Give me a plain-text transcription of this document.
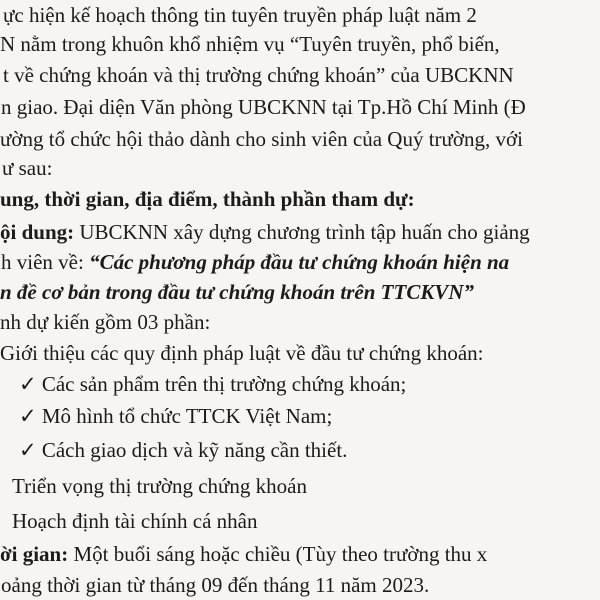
ực hiện kế hoạch thông tin tuyên truyền pháp luật năm 2
N nằm trong khuôn khổ nhiệm vụ “Tuyên truyền, phổ biến,
t về chứng khoán và thị trường chứng khoán” của UBCKNN
n giao. Đại diện Văn phòng UBCKNN tại Tp.Hồ Chí Minh (Đ
ường tổ chức hội thảo dành cho sinh viên của Quý trường, với
ư sau:
ung, thời gian, địa điểm, thành phần tham dự:
ội dung: UBCKNN xây dựng chương trình tập huấn cho giảng
h viên về: “Các phương pháp đầu tư chứng khoán hiện na
n đề cơ bản trong đầu tư chứng khoán trên TTCKVN”
nh dự kiến gồm 03 phần:
Giới thiệu các quy định pháp luật về đầu tư chứng khoán:
✓ Các sản phẩm trên thị trường chứng khoán;
✓ Mô hình tổ chức TTCK Việt Nam;
✓ Cách giao dịch và kỹ năng cần thiết.
Triển vọng thị trường chứng khoán
Hoạch định tài chính cá nhân
ời gian: Một buổi sáng hoặc chiều (Tùy theo trường thu x
oảng thời gian từ tháng 09 đến tháng 11 năm 2023.
